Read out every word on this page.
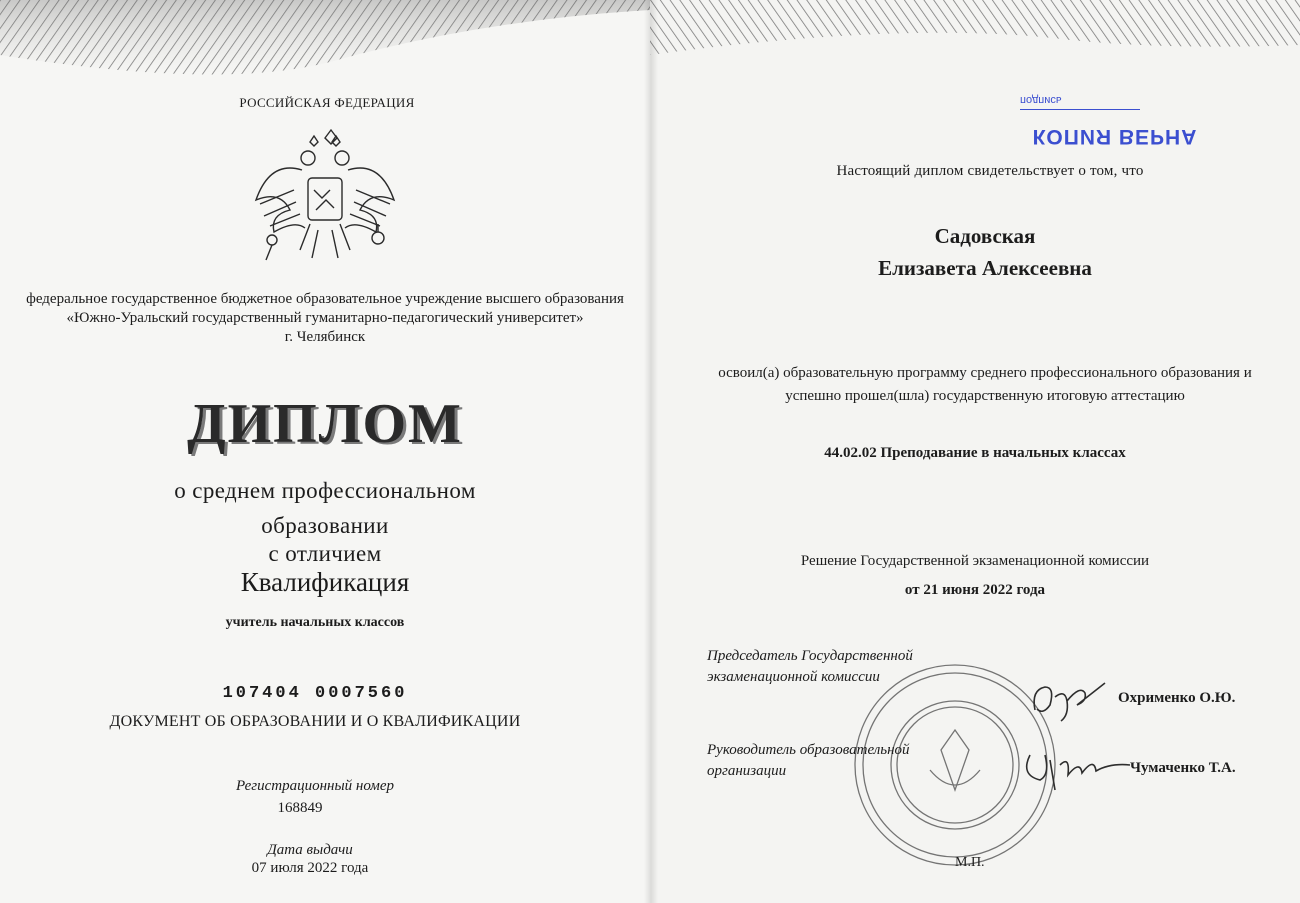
РОССИЙСКАЯ ФЕДЕРАЦИЯ
федеральное государственное бюджетное образовательное учреждение высшего образования «Южно-Уральский государственный гуманитарно-педагогический университет»
г. Челябинск
ДИПЛОМ
о среднем профессиональном
образовании
с отличием
Квалификация
учитель начальных классов
107404 0007560
ДОКУМЕНТ ОБ ОБРАЗОВАНИИ И О КВАЛИФИКАЦИИ
Регистрационный номер
168849
Дата выдачи
07 июля 2022 года
КОПИЯ ВЕРНА
подпись
Настоящий диплом свидетельствует о том, что
Садовская
Елизавета Алексеевна
освоил(а) образовательную программу среднего профессионального образования и успешно прошел(шла) государственную итоговую аттестацию
44.02.02 Преподавание в начальных классах
Решение Государственной экзаменационной комиссии
от 21 июня 2022 года
Председатель Государственной экзаменационной комиссии
Охрименко О.Ю.
Руководитель образовательной организации	Чумаченко Т.А.
М.П.
